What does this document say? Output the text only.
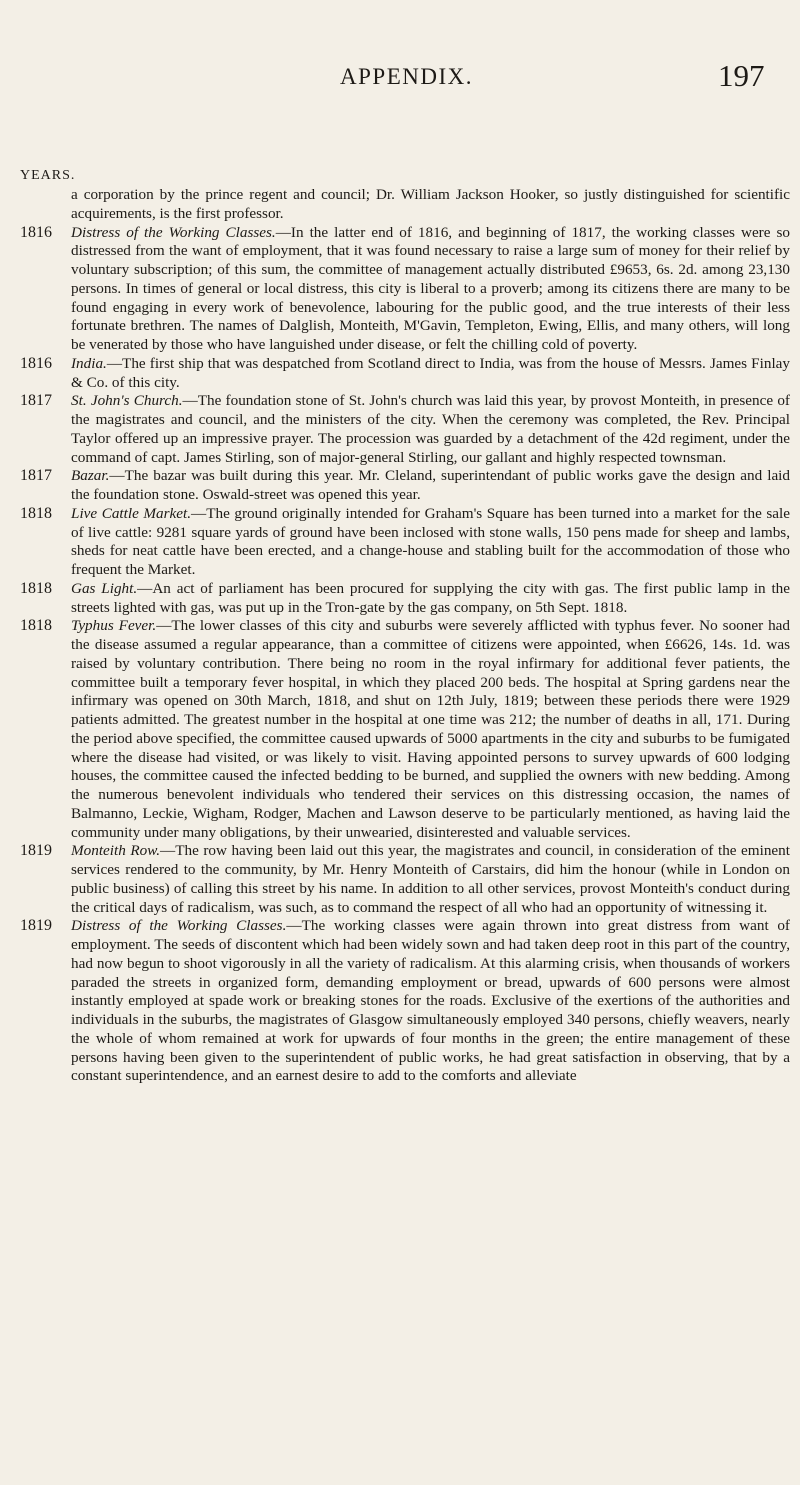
APPENDIX.	197
YEARS.

a corporation by the prince regent and council; Dr. William Jackson Hooker, so justly distinguished for scientific acquirements, is the first professor.

1816 Distress of the Working Classes.—In the latter end of 1816, and beginning of 1817, the working classes were so distressed from the want of employment, that it was found necessary to raise a large sum of money for their relief by voluntary subscription; of this sum, the committee of management actually distributed £9653, 6s. 2d. among 23,130 persons. In times of general or local distress, this city is liberal to a proverb; among its citizens there are many to be found engaging in every work of benevolence, labouring for the public good, and the true interests of their less fortunate brethren. The names of Dalglish, Monteith, M'Gavin, Templeton, Ewing, Ellis, and many others, will long be venerated by those who have languished under disease, or felt the chilling cold of poverty.

1816 India.—The first ship that was despatched from Scotland direct to India, was from the house of Messrs. James Finlay & Co. of this city.

1817 St. John's Church.—The foundation stone of St. John's church was laid this year, by provost Monteith, in presence of the magistrates and council, and the ministers of the city. When the ceremony was completed, the Rev. Principal Taylor offered up an impressive prayer. The procession was guarded by a detachment of the 42d regiment, under the command of capt. James Stirling, son of major-general Stirling, our gallant and highly respected townsman.

1817 Bazar.—The bazar was built during this year. Mr. Cleland, superintendant of public works gave the design and laid the foundation stone. Oswald-street was opened this year.

1818 Live Cattle Market.—The ground originally intended for Graham's Square has been turned into a market for the sale of live cattle: 9281 square yards of ground have been inclosed with stone walls, 150 pens made for sheep and lambs, sheds for neat cattle have been erected, and a change-house and stabling built for the accommodation of those who frequent the Market.

1818 Gas Light.—An act of parliament has been procured for supplying the city with gas. The first public lamp in the streets lighted with gas, was put up in the Tron-gate by the gas company, on 5th Sept. 1818.

1818 Typhus Fever.—The lower classes of this city and suburbs were severely afflicted with typhus fever. No sooner had the disease assumed a regular appearance, than a committee of citizens were appointed, when £6626, 14s. 1d. was raised by voluntary contribution. There being no room in the royal infirmary for additional fever patients, the committee built a temporary fever hospital, in which they placed 200 beds. The hospital at Spring gardens near the infirmary was opened on 30th March, 1818, and shut on 12th July, 1819; between these periods there were 1929 patients admitted. The greatest number in the hospital at one time was 212; the number of deaths in all, 171. During the period above specified, the committee caused upwards of 5000 apartments in the city and suburbs to be fumigated where the disease had visited, or was likely to visit. Having appointed persons to survey upwards of 600 lodging houses, the committee caused the infected bedding to be burned, and supplied the owners with new bedding. Among the numerous benevolent individuals who tendered their services on this distressing occasion, the names of Balmanno, Leckie, Wigham, Rodger, Machen and Lawson deserve to be particularly mentioned, as having laid the community under many obligations, by their unwearied, disinterested and valuable services.

1819 Monteith Row.—The row having been laid out this year, the magistrates and council, in consideration of the eminent services rendered to the community, by Mr. Henry Monteith of Carstairs, did him the honour (while in London on public business) of calling this street by his name. In addition to all other services, provost Monteith's conduct during the critical days of radicalism, was such, as to command the respect of all who had an opportunity of witnessing it.

1819 Distress of the Working Classes.—The working classes were again thrown into great distress from want of employment. The seeds of discontent which had been widely sown and had taken deep root in this part of the country, had now begun to shoot vigorously in all the variety of radicalism. At this alarming crisis, when thousands of workers paraded the streets in organized form, demanding employment or bread, upwards of 600 persons were almost instantly employed at spade work or breaking stones for the roads. Exclusive of the exertions of the authorities and individuals in the suburbs, the magistrates of Glasgow simultaneously employed 340 persons, chiefly weavers, nearly the whole of whom remained at work for upwards of four months in the green; the entire management of these persons having been given to the superintendent of public works, he had great satisfaction in observing, that by a constant superintendence, and an earnest desire to add to the comforts and alleviate
